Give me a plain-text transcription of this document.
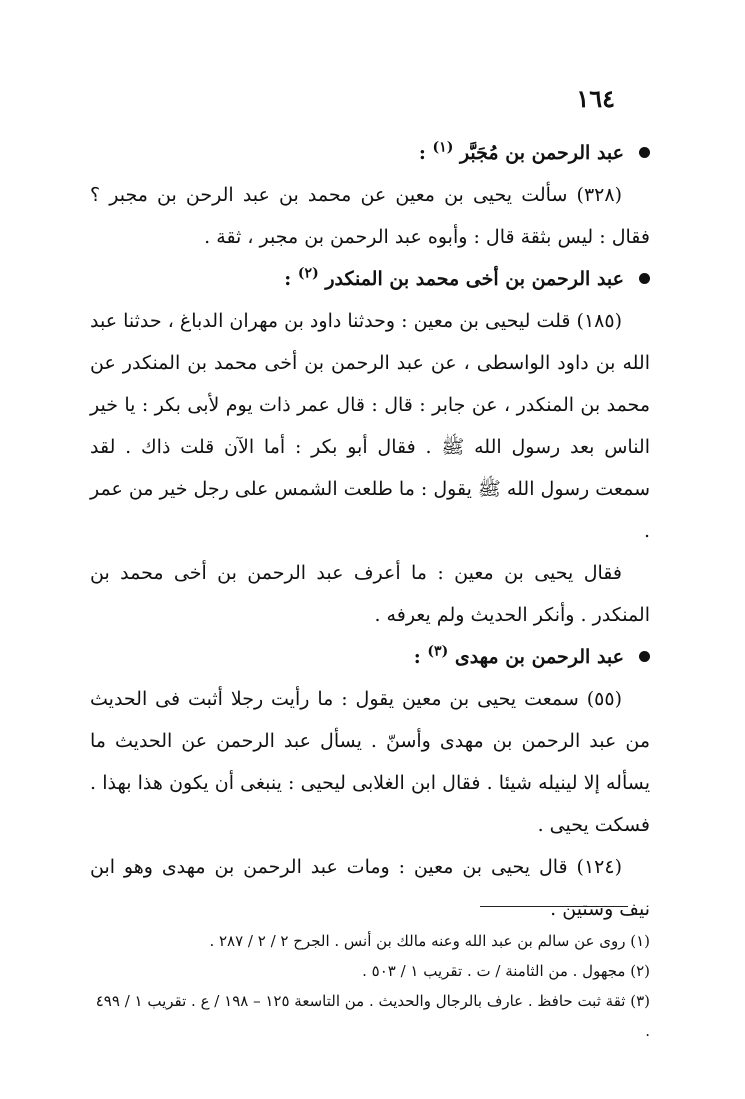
١٦٤

عبد الرحمن بن مُجَبَّر $^{(١)}$ :

(٣٢٨) سألت يحيى بن معين عن محمد بن عبد الرحن بن مجبر ؟ فقال : ليس بثقة قال : وأبوه عبد الرحمن بن مجبر ، ثقة .

عبد الرحمن بن أخى محمد بن المنكدر $^{(٢)}$ :

(١٨٥) قلت ليحيى بن معين : وحدثنا داود بن مهران الدباغ ، حدثنا عبد الله بن داود الواسطى ، عن عبد الرحمن بن أخى محمد بن المنكدر عن محمد بن المنكدر ، عن جابر : قال : قال عمر ذات يوم لأبى بكر : يا خير الناس بعد رسول الله ﷺ . فقال أبو بكر : أما الآن قلت ذاك . لقد سمعت رسول الله ﷺ يقول : ما طلعت الشمس على رجل خير من عمر .

فقال يحيى بن معين : ما أعرف عبد الرحمن بن أخى محمد بن المنكدر . وأنكر الحديث ولم يعرفه .

عبد الرحمن بن مهدى $^{(٣)}$ :

(٥٥) سمعت يحيى بن معين يقول : ما رأيت رجلا أثبت فى الحديث من عبد الرحمن بن مهدى وأسنّ . يسأل عبد الرحمن عن الحديث ما يسأله إلا لينيله شيئا . فقال ابن الغلابى ليحيى : ينبغى أن يكون هذا بهذا . فسكت يحيى .

(١٢٤) قال يحيى بن معين : ومات عبد الرحمن بن مهدى وهو ابن نيف وستين .

(١) روى عن سالم بن عبد الله وعنه مالك بن أنس . الجرح ٢ / ٢ / ٢٨٧ .

(٢) مجهول . من الثامنة / ت . تقريب ١ / ٥٠٣ .

(٣) ثقة ثبت حافظ . عارف بالرجال والحديث . من التاسعة ١٢٥ – ١٩٨ / ع . تقريب ١ / ٤٩٩ .
